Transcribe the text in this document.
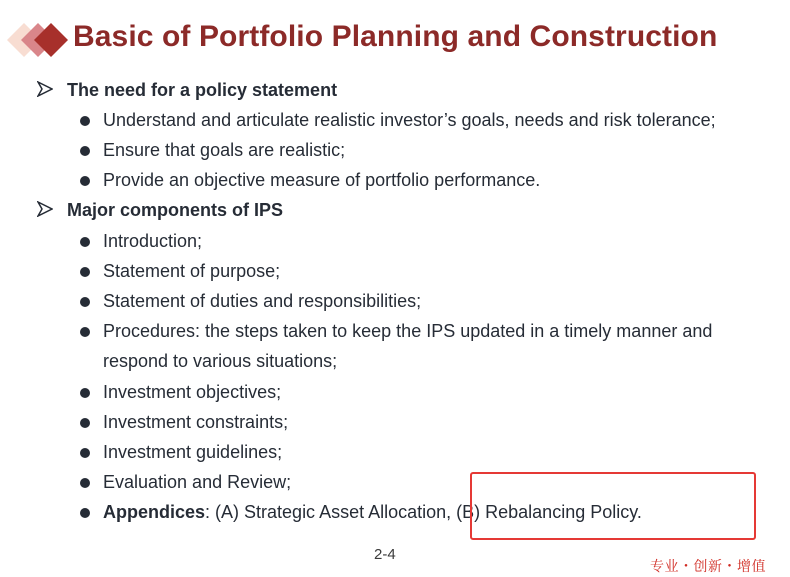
Basic of Portfolio Planning and Construction
The need for a policy statement
Understand and articulate realistic investor’s goals, needs and risk tolerance;
Ensure that goals are realistic;
Provide an objective measure of portfolio performance.
Major components of IPS
Introduction;
Statement of purpose;
Statement of duties and responsibilities;
Procedures: the steps taken to keep the IPS updated in a timely manner and
respond to various situations;
Investment objectives;
Investment constraints;
Investment guidelines;
Evaluation and Review;
Appendices: (A) Strategic Asset Allocation, (B) Rebalancing Policy.
2-4
专业・创新・增值
